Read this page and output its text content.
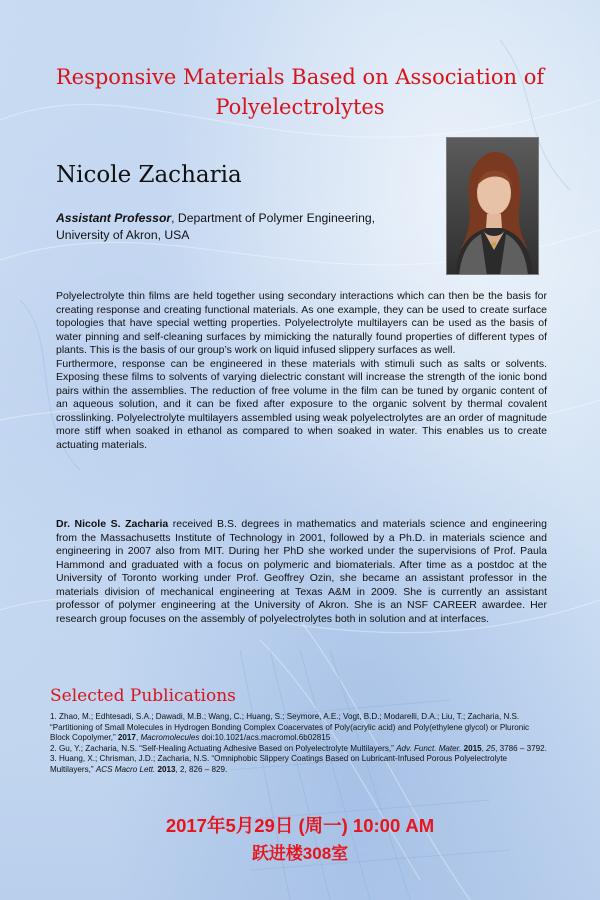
Responsive Materials Based on Association of Polyelectrolytes
Nicole Zacharia
Assistant Professor, Department of Polymer Engineering, University of Akron, USA

Polyelectrolyte thin films are held together using secondary interactions which can then be the basis for creating response and creating functional materials. As one example, they can be used to create surface topologies that have special wetting properties. Polyelectrolyte multilayers can be used as the basis of water pinning and self-cleaning surfaces by mimicking the naturally found properties of different types of plants. This is the basis of our group’s work on liquid infused slippery surfaces as well.

Furthermore, response can be engineered in these materials with stimuli such as salts or solvents. Exposing these films to solvents of varying dielectric constant will increase the strength of the ionic bond pairs within the assemblies. The reduction of free volume in the film can be tuned by organic content of an aqueous solution, and it can be fixed after exposure to the organic solvent by thermal covalent crosslinking. Polyelectrolyte multilayers assembled using weak polyelectrolytes are an order of magnitude more stiff when soaked in ethanol as compared to when soaked in water. This enables us to create actuating materials.

Dr. Nicole S. Zacharia received B.S. degrees in mathematics and materials science and engineering from the Massachusetts Institute of Technology in 2001, followed by a Ph.D. in materials science and engineering in 2007 also from MIT. During her PhD she worked under the supervisions of Prof. Paula Hammond and graduated with a focus on polymeric and biomaterials. After time as a postdoc at the University of Toronto working under Prof. Geoffrey Ozin, she became an assistant professor in the materials division of mechanical engineering at Texas A&M in 2009. She is currently an assistant professor of polymer engineering at the University of Akron. She is an NSF CAREER awardee. Her research group focuses on the assembly of polyelectrolytes both in solution and at interfaces.
Selected Publications

1. Zhao, M.; Edhtesadi, S.A.; Dawadi, M.B.; Wang, C.; Huang, S.; Seymore, A.E.; Vogt, B.D.; Modarelli, D.A.; Liu, T.; Zacharia, N.S. “Partitioning of Small Molecules in Hydrogen Bonding Complex Coacervates of Poly(acrylic acid) and Poly(ethylene glycol) or Pluronic Block Copolymer,” 2017, Macromolecules doi:10.1021/acs.macromol.6b02815

2. Gu, Y.; Zacharia, N.S. “Self-Healing Actuating Adhesive Based on Polyelectrolyte Multilayers,” Adv. Funct. Mater. 2015, 25, 3786 – 3792.

3. Huang, X.; Chrisman, J.D.; Zacharia, N.S. “Omniphobic Slippery Coatings Based on Lubricant-Infused Porous Polyelectrolyte Multilayers,” ACS Macro Lett. 2013, 2, 826 – 829.

2017年5月29日 (周一) 10:00 AM
跃进楼308室
